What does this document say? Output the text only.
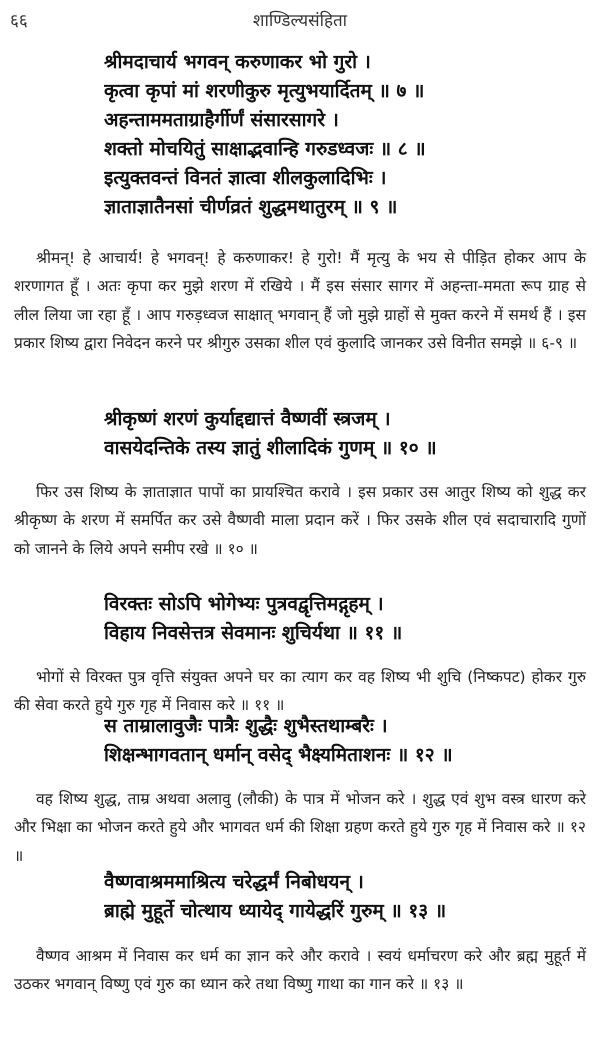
६६	शाण्डिल्यसंहिता
श्रीमदाचार्य भगवन् करुणाकर भो गुरो ।
कृत्वा कृपां मां शरणीकुरु मृत्युभयार्दितम् ॥ ७ ॥
अहन्ताममताग्राहैर्गीर्णं संसारसागरे ।
शक्तो मोचयितुं साक्षाद्भवान्हि गरुडध्वजः ॥ ८ ॥
इत्युक्तवन्तं विनतं ज्ञात्वा शीलकुलादिभिः ।
ज्ञाताज्ञातैनसां चीर्णव्रतं शुद्धमथातुरम् ॥ ९ ॥

श्रीमन्! हे आचार्य! हे भगवन्! हे करुणाकर! हे गुरो! मैं मृत्यु के भय से पीड़ित होकर आप के शरणागत हूँ । अतः कृपा कर मुझे शरण में रखिये । मैं इस संसार सागर में अहन्ता-ममता रूप ग्राह से लील लिया जा रहा हूँ । आप गरुड़ध्वज साक्षात् भगवान् हैं जो मुझे ग्राहों से मुक्त करने में समर्थ हैं । इस प्रकार शिष्य द्वारा निवेदन करने पर श्रीगुरु उसका शील एवं कुलादि जानकर उसे विनीत समझे ॥ ६-९ ॥

श्रीकृष्णं शरणं कुर्याद्दद्यात्तं वैष्णवीं स्त्रजम् ।
वासयेदन्तिके तस्य ज्ञातुं शीलादिकं गुणम् ॥ १० ॥

फिर उस शिष्य के ज्ञाताज्ञात पापों का प्रायश्चित करावे । इस प्रकार उस आतुर शिष्य को शुद्ध कर श्रीकृष्ण के शरण में समर्पित कर उसे वैष्णवी माला प्रदान करें । फिर उसके शील एवं सदाचारादि गुणों को जानने के लिये अपने समीप रखे ॥ १० ॥

विरक्तः सोऽपि भोगेभ्यः पुत्रवद्वृत्तिमद्गृहम् ।
विहाय निवसेत्तत्र सेवमानः शुचिर्यथा ॥ ११ ॥

भोगों से विरक्त पुत्र वृत्ति संयुक्त अपने घर का त्याग कर वह शिष्य भी शुचि (निष्कपट) होकर गुरु की सेवा करते हुये गुरु गृह में निवास करे ॥ ११ ॥

स ताम्रालावुजैः पात्रैः शुद्धैः शुभैस्तथाम्बरैः ।
शिक्षन्भागवतान् धर्मान् वसेद् भैक्ष्यमिताशनः ॥ १२ ॥

वह शिष्य शुद्ध, ताम्र अथवा अलावु (लौकी) के पात्र में भोजन करे । शुद्ध एवं शुभ वस्त्र धारण करे और भिक्षा का भोजन करते हुये और भागवत धर्म की शिक्षा ग्रहण करते हुये गुरु गृह में निवास करे ॥ १२ ॥

वैष्णवाश्रममाश्रित्य चरेद्धर्मं निबोधयन् ।
ब्राह्मे मुहूर्ते चोत्थाय ध्यायेद् गायेद्धरिं गुरुम् ॥ १३ ॥

वैष्णव आश्रम में निवास कर धर्म का ज्ञान करे और करावे । स्वयं धर्माचरण करे और ब्रह्म मुहूर्त में उठकर भगवान् विष्णु एवं गुरु का ध्यान करे तथा विष्णु गाथा का गान करे ॥ १३ ॥
